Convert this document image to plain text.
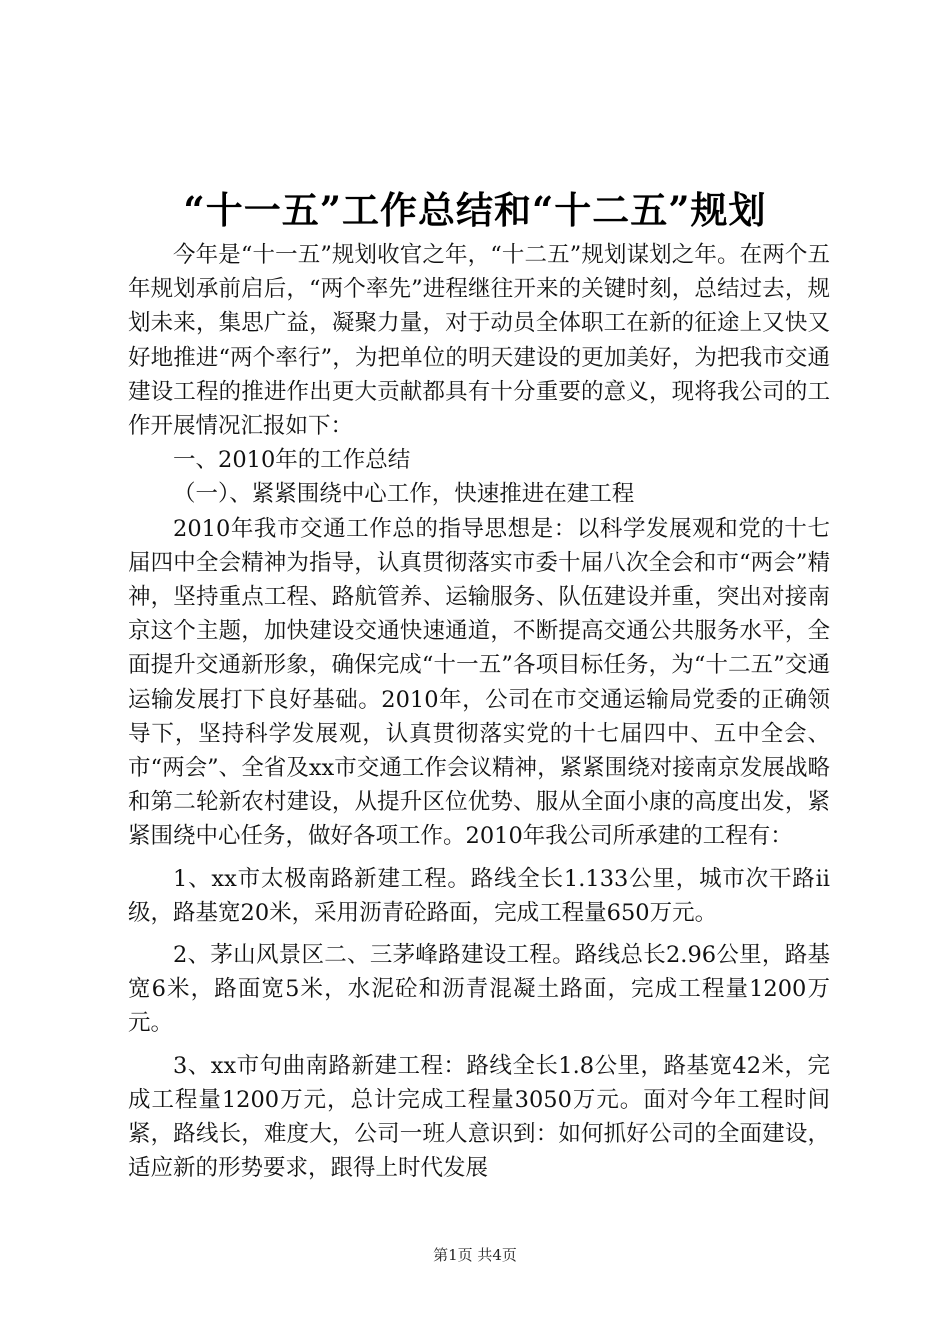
“十一五”工作总结和“十二五”规划

今年是“十一五”规划收官之年，“十二五”规划谋划之年。在两个五年规划承前启后，“两个率先”进程继往开来的关键时刻，总结过去，规划未来，集思广益，凝聚力量，对于动员全体职工在新的征途上又快又好地推进“两个率行”，为把单位的明天建设的更加美好，为把我市交通建设工程的推进作出更大贡献都具有十分重要的意义，现将我公司的工作开展情况汇报如下：

一、2010年的工作总结

（一）、紧紧围绕中心工作，快速推进在建工程

2010年我市交通工作总的指导思想是：以科学发展观和党的十七届四中全会精神为指导，认真贯彻落实市委十届八次全会和市“两会”精神，坚持重点工程、路航管养、运输服务、队伍建设并重，突出对接南京这个主题，加快建设交通快速通道，不断提高交通公共服务水平，全面提升交通新形象，确保完成“十一五”各项目标任务，为“十二五”交通运输发展打下良好基础。2010年，公司在市交通运输局党委的正确领导下，坚持科学发展观，认真贯彻落实党的十七届四中、五中全会、市“两会”、全省及xx市交通工作会议精神，紧紧围绕对接南京发展战略和第二轮新农村建设，从提升区位优势、服从全面小康的高度出发，紧紧围绕中心任务，做好各项工作。2010年我公司所承建的工程有：

1、xx市太极南路新建工程。路线全长1.133公里，城市次干路ii级，路基宽20米，采用沥青砼路面，完成工程量650万元。

2、茅山风景区二、三茅峰路建设工程。路线总长2.96公里，路基宽6米，路面宽5米，水泥砼和沥青混凝土路面，完成工程量1200万元。

3、xx市句曲南路新建工程：路线全长1.8公里，路基宽42米，完成工程量1200万元，总计完成工程量3050万元。面对今年工程时间紧，路线长，难度大，公司一班人意识到：如何抓好公司的全面建设，适应新的形势要求，跟得上时代发展

第1页 共4页
